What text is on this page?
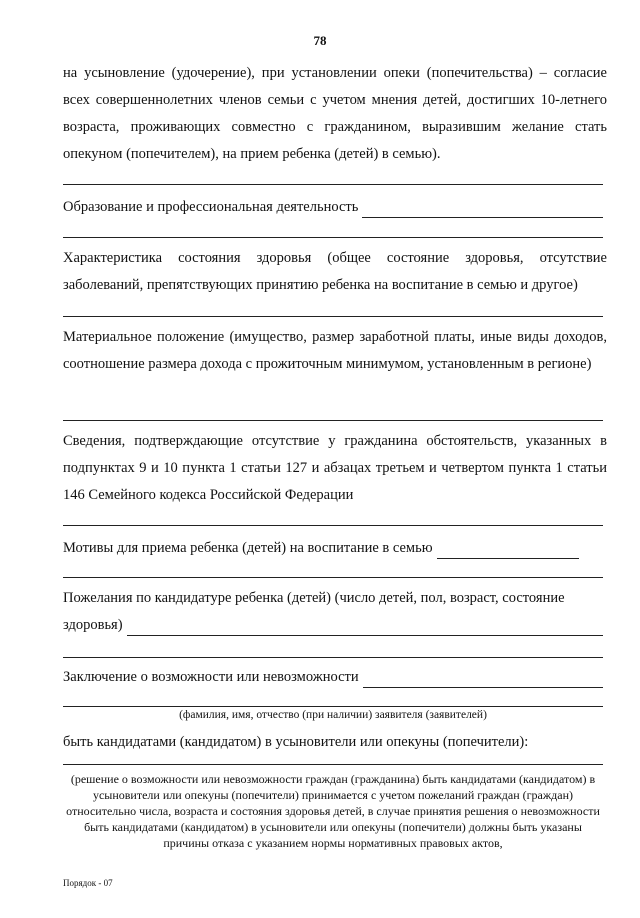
78
на усыновление (удочерение), при установлении опеки (попечительства) – согласие всех совершеннолетних членов семьи с учетом мнения детей, достигших 10-летнего возраста, проживающих совместно с гражданином, выразившим желание стать опекуном (попечителем), на прием ребенка (детей) в семью).
Образование и профессиональная деятельность
Характеристика состояния здоровья (общее состояние здоровья, отсутствие заболеваний, препятствующих принятию ребенка на воспитание в семью и другое)
Материальное положение (имущество, размер заработной платы, иные виды доходов, соотношение размера дохода с прожиточным минимумом, установленным в регионе)
Сведения, подтверждающие отсутствие у гражданина обстоятельств, указанных в подпунктах 9 и 10 пункта 1 статьи 127 и абзацах третьем и четвертом пункта 1 статьи 146 Семейного кодекса Российской Федерации
Мотивы для приема ребенка (детей) на воспитание в семью
Пожелания по кандидатуре ребенка (детей) (число детей, пол, возраст, состояние
здоровья)
Заключение о возможности или невозможности
(фамилия, имя, отчество (при наличии) заявителя (заявителей)
быть кандидатами (кандидатом) в усыновители или опекуны (попечители):
(решение о возможности или невозможности граждан (гражданина) быть кандидатами (кандидатом) в усыновители или опекуны (попечители) принимается с учетом пожеланий граждан (граждан) относительно числа, возраста и состояния здоровья детей, в случае принятия решения о невозможности быть кандидатами (кандидатом) в усыновители или опекуны (попечители) должны быть указаны причины отказа с указанием нормы нормативных правовых актов,
Порядок - 07
